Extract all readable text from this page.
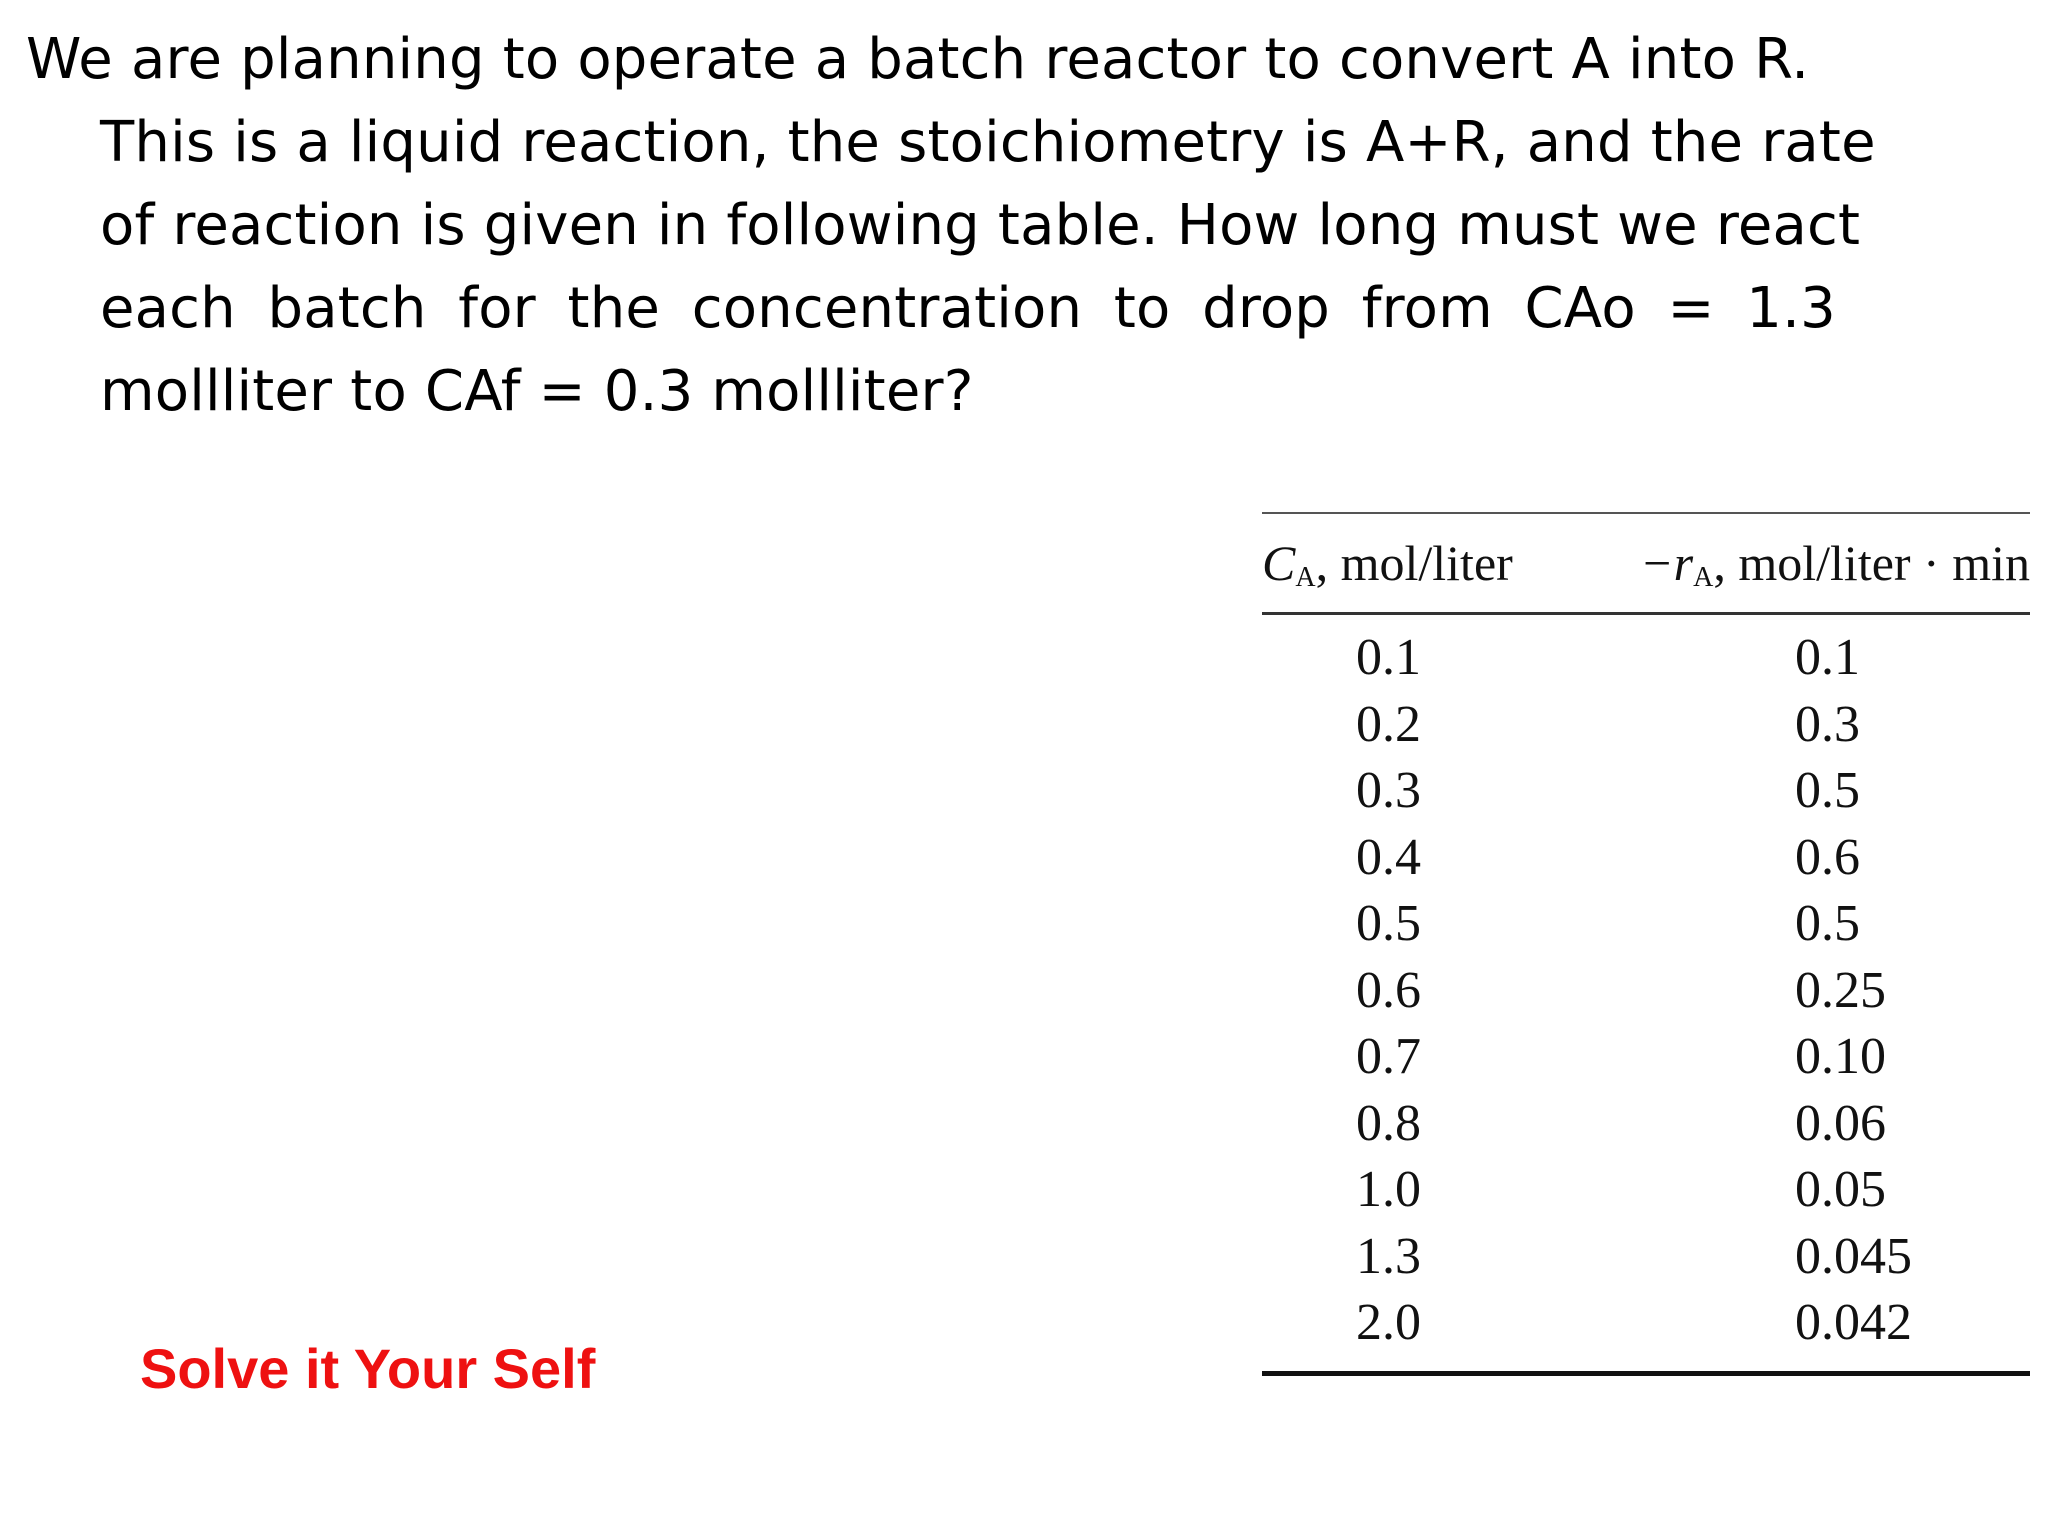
We are planning to operate a batch reactor to convert A into R.
This is a liquid reaction, the stoichiometry is A+R, and the rate
of reaction is given in following table. How long must we react
each batch for the concentration to drop from CAo = 1.3
mollliter to CAf = 0.3 mollliter?
$C_A$, mol/liter	$-r_A$, mol/liter · min
0.1	0.1
0.2	0.3
0.3	0.5
0.4	0.6
0.5	0.5
0.6	0.25
0.7	0.10
0.8	0.06
1.0	0.05
1.3	0.045
2.0	0.042
Solve it Your Self
